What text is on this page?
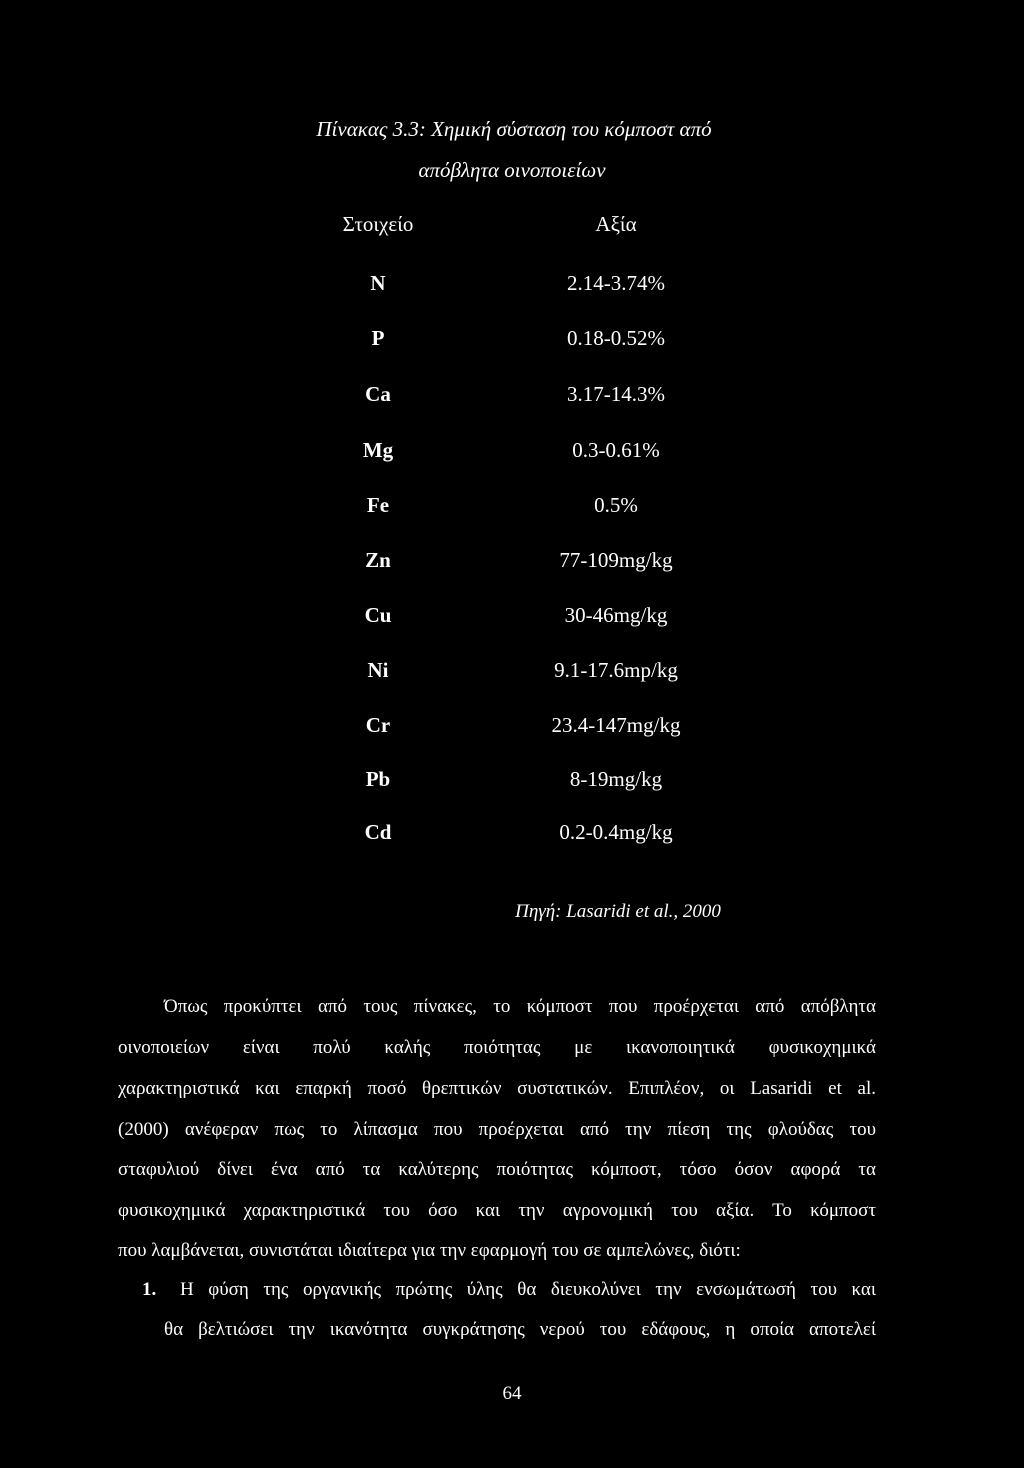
Πίνακας 3.3: Χημική σύσταση του κόμποστ από
απόβλητα οινοποιείων
Στοιχείο	Αξία
N	2.14-3.74%
P	0.18-0.52%
Ca	3.17-14.3%
Mg	0.3-0.61%
Fe	0.5%
Zn	77-109mg/kg
Cu	30-46mg/kg
Ni	9.1-17.6mp/kg
Cr	23.4-147mg/kg
Pb	8-19mg/kg
Cd	0.2-0.4mg/kg
Πηγή: Lasaridi et al., 2000
Όπως προκύπτει από τους πίνακες, το κόμποστ που προέρχεται από απόβλητα
οινοποιείων είναι πολύ καλής ποιότητας με ικανοποιητικά φυσικοχημικά
χαρακτηριστικά και επαρκή ποσό θρεπτικών συστατικών. Επιπλέον, οι Lasaridi et al.
(2000) ανέφεραν πως το λίπασμα που προέρχεται από την πίεση της φλούδας του
σταφυλιού δίνει ένα από τα καλύτερης ποιότητας κόμποστ, τόσο όσον αφορά τα
φυσικοχημικά χαρακτηριστικά του όσο και την αγρονομική του αξία. Το κόμποστ
που λαμβάνεται, συνιστάται ιδιαίτερα για την εφαρμογή του σε αμπελώνες, διότι:
1. Η φύση της οργανικής πρώτης ύλης θα διευκολύνει την ενσωμάτωσή του και
θα βελτιώσει την ικανότητα συγκράτησης νερού του εδάφους, η οποία αποτελεί
64
